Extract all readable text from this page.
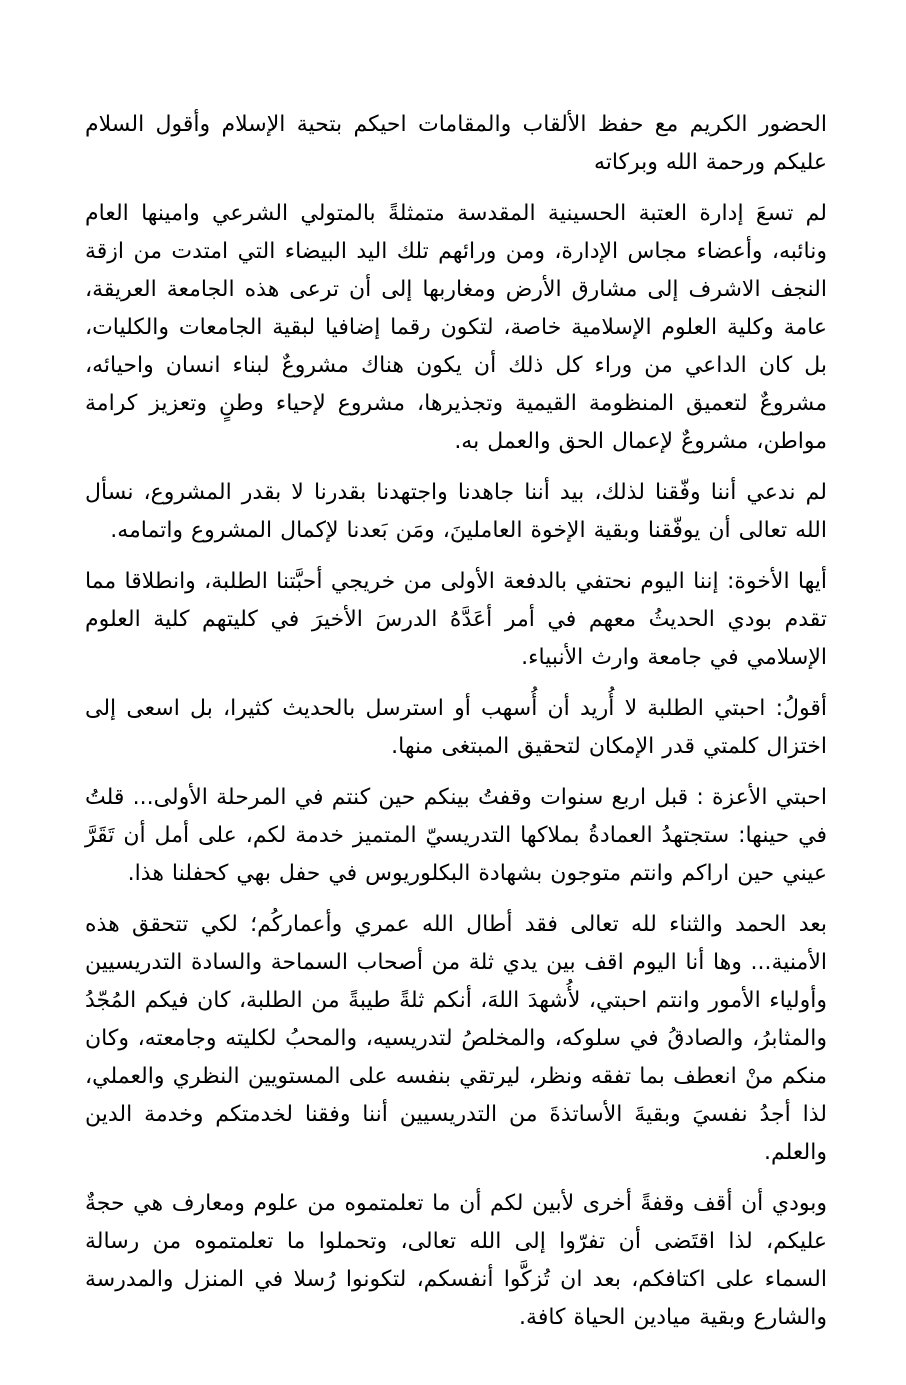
الحضور الكريم مع حفظ الألقاب والمقامات احيكم بتحية الإسلام وأقول السلام عليكم ورحمة الله وبركاته

لم تسعَ إدارة العتبة الحسينية المقدسة متمثلةً بالمتولي الشرعي وامينها العام ونائبه، وأعضاء مجاس الإدارة، ومن ورائهم تلك اليد البيضاء التي امتدت من ازقة النجف الاشرف إلى مشارق الأرض ومغاربها إلى أن ترعى هذه الجامعة العريقة، عامة وكلية العلوم الإسلامية خاصة، لتكون رقما إضافيا لبقية الجامعات والكليات، بل كان الداعي من وراء كل ذلك أن يكون هناك مشروعٌ لبناء انسان واحيائه، مشروعٌ لتعميق المنظومة القيمية وتجذيرها، مشروع لإحياء وطنٍ وتعزيز كرامة مواطن، مشروعٌ لإعمال الحق والعمل به.

لم ندعي أننا وفّقنا لذلك، بيد أننا جاهدنا واجتهدنا بقدرنا لا بقدر المشروع، نسأل الله تعالى أن يوفّقنا وبقية الإخوة العاملينَ، ومَن بَعدنا لإكمال المشروع واتمامه.

أيها الأخوة: إننا اليوم نحتفي بالدفعة الأولى من خريجي أحبَّتنا الطلبة، وانطلاقا مما تقدم بودي الحديثُ معهم في أمر أعَدَّهُ الدرسَ الأخيرَ في كليتهم كلية العلوم الإسلامي في جامعة وارث الأنبياء.

أقولُ: احبتي الطلبة لا أُريد أن أُسهب أو استرسل بالحديث كثيرا، بل اسعى إلى اختزال كلمتي قدر الإمكان لتحقيق المبتغى منها.

احبتي الأعزة : قبل اربع سنوات وقفتُ بينكم حين كنتم في المرحلة الأولى... قلتُ في حينها: ستجتهدُ العمادةُ بملاكها التدريسيّ المتميز خدمة لكم، على أمل أن تَقَرَّ عيني حين اراكم وانتم متوجون بشهادة البكلوريوس في حفل بهي كحفلنا هذا.

بعد الحمد والثناء لله تعالى فقد أطال الله عمري وأعماركُم؛ لكي تتحقق هذه الأمنية... وها أنا اليوم اقف بين يدي ثلة من أصحاب السماحة والسادة التدريسيين وأولياء الأمور وانتم احبتي، لأُشهدَ اللهَ، أنكم ثلةً طيبةً من الطلبة، كان فيكم المُجّدُ والمثابرُ، والصادقُ في سلوكه، والمخلصُ لتدريسيه، والمحبُ لكليته وجامعته، وكان منكم منْ انعطف بما تفقه ونظر، ليرتقي بنفسه على المستويين النظري والعملي، لذا أجدُ نفسيَ وبقيةَ الأساتذةَ من التدريسيين أننا وفقنا لخدمتكم وخدمة الدين والعلم.

وبودي أن أقف وقفةً أخرى لأبين لكم أن ما تعلمتموه من علوم ومعارف هي حجةٌ عليكم، لذا اقتَضى أن تفرّوا إلى الله تعالى، وتحملوا ما تعلمتموه من رسالة السماء على اكتافكم، بعد ان تُزكَّوا أنفسكم، لتكونوا رُسلا في المنزل والمدرسة والشارع وبقية ميادين الحياة كافة.
